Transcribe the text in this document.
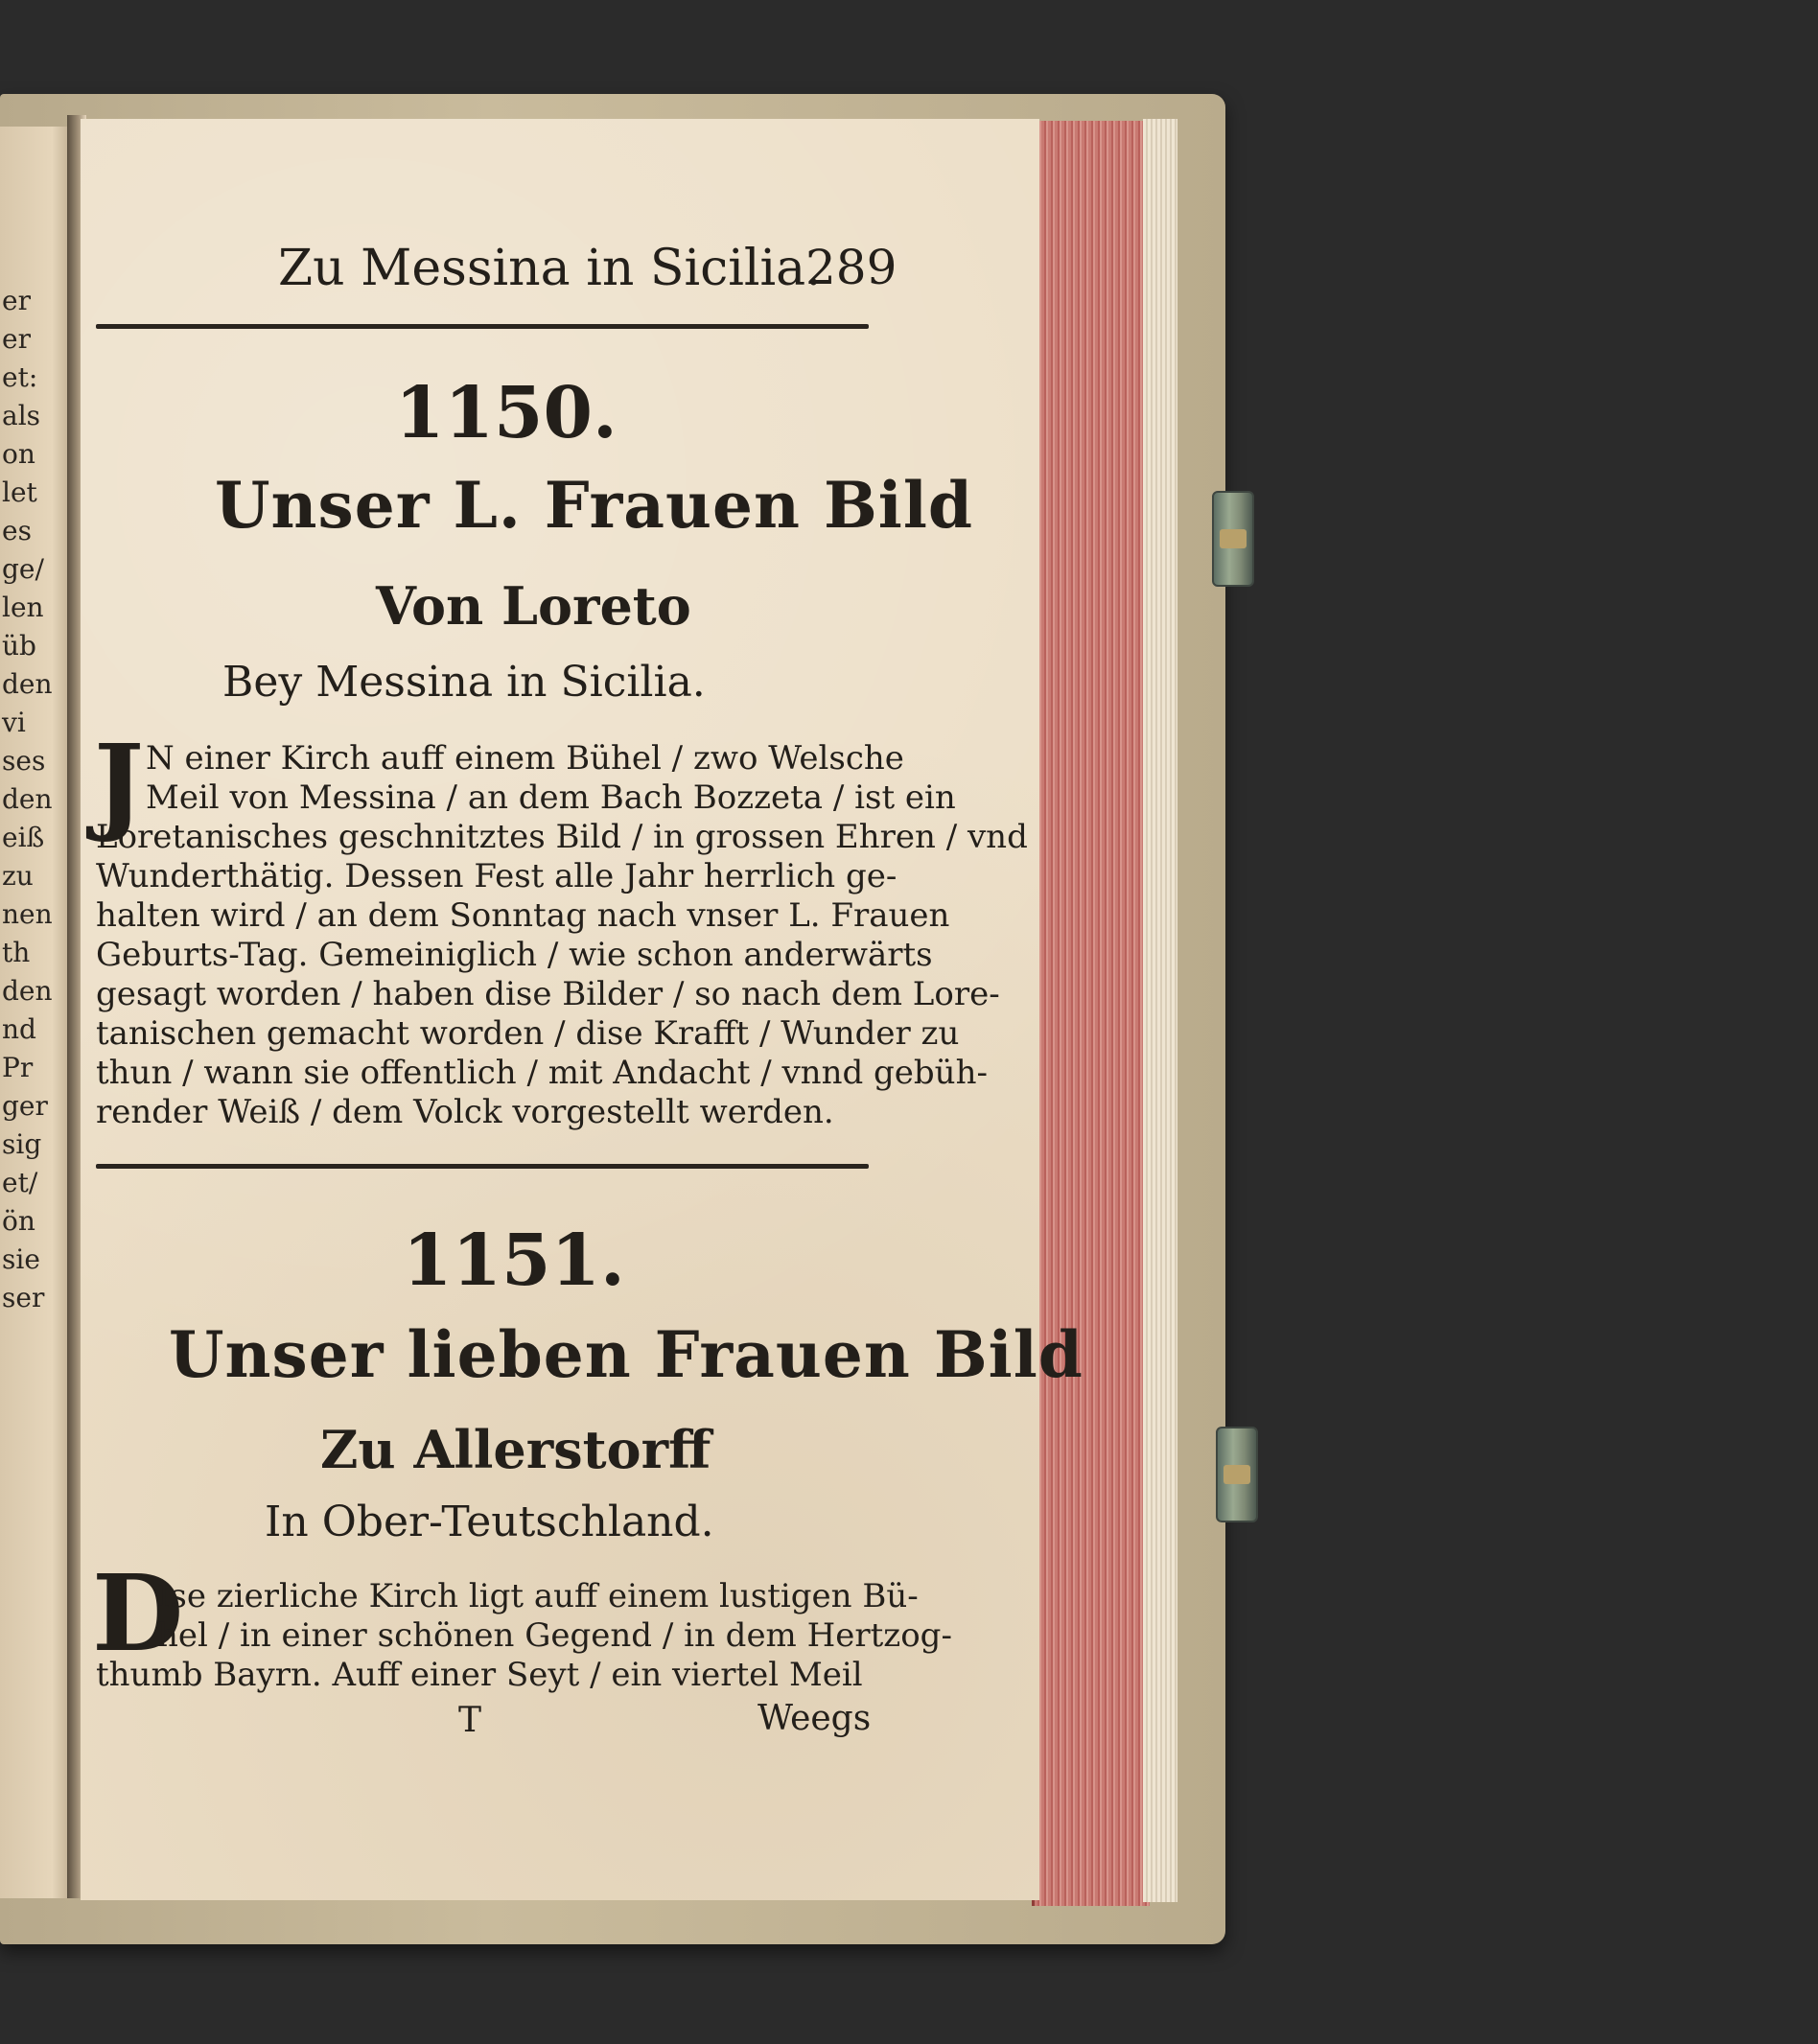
er
er
et:
als
on
let
es
ge/
len
üb
den
vi
ses
den
eiß
zu
nen
th
den
nd
Pr
ger
sig
et/
ön
sie
ser
Zu Messina in Sicilia.
289
1150.
Unser L. Frauen Bild
Von Loreto
Bey Messina in Sicilia.
J N einer Kirch auff einem Bühel / zwo Welsche
Meil von Messina / an dem Bach Bozzeta / ist ein
Loretanisches geschnitztes Bild / in grossen Ehren / vnd
Wunderthätig. Dessen Fest alle Jahr herrlich ge-
halten wird / an dem Sonntag nach vnser L. Frauen
Geburts-Tag. Gemeiniglich / wie schon anderwärts
gesagt worden / haben dise Bilder / so nach dem Lore-
tanischen gemacht worden / dise Krafft / Wunder zu
thun / wann sie offentlich / mit Andacht / vnnd gebüh-
render Weiß / dem Volck vorgestellt werden.
1151.
Unser lieben Frauen Bild
Zu Allerstorff
In Ober-Teutschland.
D
Ise zierliche Kirch ligt auff einem lustigen Bü-
hel / in einer schönen Gegend / in dem Hertzog-
thumb Bayrn. Auff einer Seyt / ein viertel Meil
T	Weegs
